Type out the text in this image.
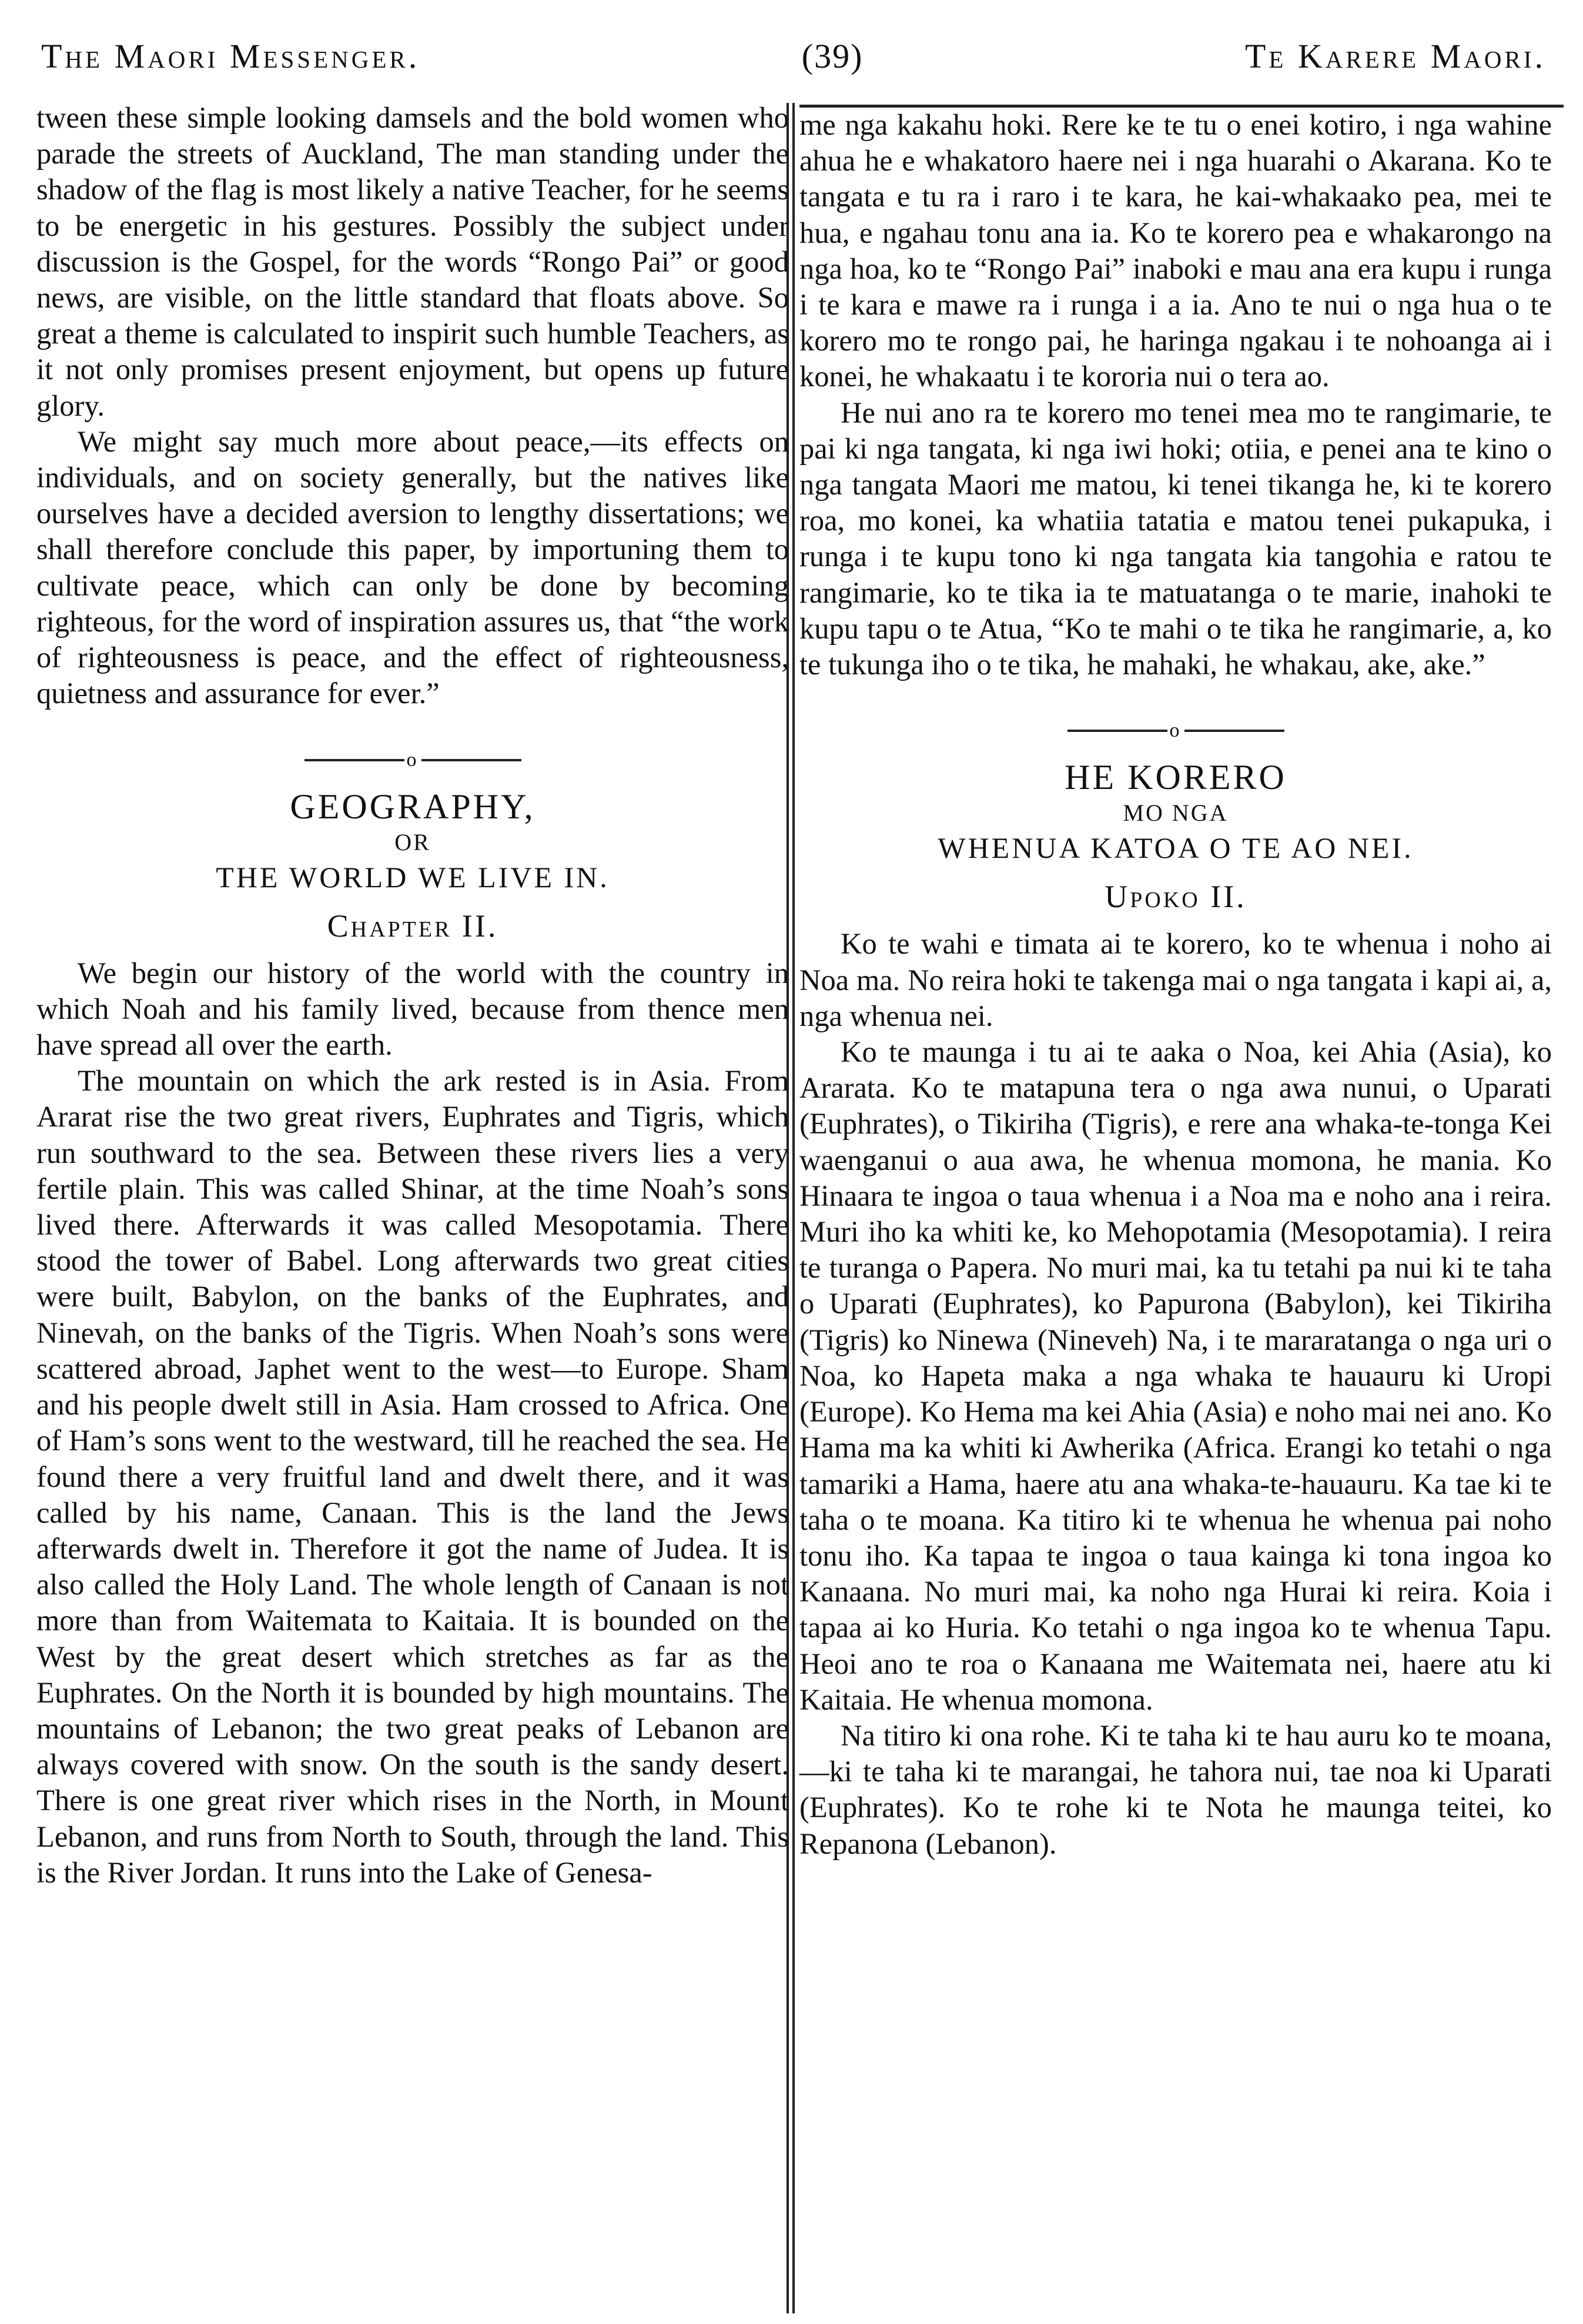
The Maori Messenger.	(39)	Te Karere Maori.

tween these simple looking damsels and the bold women who parade the streets of Auckland, The man standing under the shadow of the flag is most likely a native Teacher, for he seems to be energetic in his gestures. Possibly the subject under discussion is the Gospel, for the words “Rongo Pai” or good news, are visible, on the little standard that floats above. So great a theme is calculated to inspirit such humble Teachers, as it not only promises present enjoyment, but opens up future glory.

We might say much more about peace,—its effects on individuals, and on society generally, but the natives like ourselves have a decided aversion to lengthy dissertations; we shall therefore conclude this paper, by importuning them to cultivate peace, which can only be done by becoming righteous, for the word of inspiration assures us, that “the work of righteousness is peace, and the effect of righteousness, quietness and assurance for ever.”

o
GEOGRAPHY,
OR
THE WORLD WE LIVE IN.
Chapter II.

We begin our history of the world with the country in which Noah and his family lived, because from thence men have spread all over the earth.

The mountain on which the ark rested is in Asia. From Ararat rise the two great rivers, Euphrates and Tigris, which run southward to the sea. Between these rivers lies a very fertile plain. This was called Shinar, at the time Noah’s sons lived there. Afterwards it was called Mesopotamia. There stood the tower of Babel. Long afterwards two great cities were built, Babylon, on the banks of the Euphrates, and Ninevah, on the banks of the Tigris. When Noah’s sons were scattered abroad, Japhet went to the west—to Europe. Sham and his people dwelt still in Asia. Ham crossed to Africa. One of Ham’s sons went to the westward, till he reached the sea. He found there a very fruitful land and dwelt there, and it was called by his name, Canaan. This is the land the Jews afterwards dwelt in. Therefore it got the name of Judea. It is also called the Holy Land. The whole length of Canaan is not more than from Waitemata to Kaitaia. It is bounded on the West by the great desert which stretches as far as the Euphrates. On the North it is bounded by high mountains. The mountains of Lebanon; the two great peaks of Lebanon are always covered with snow. On the south is the sandy desert. There is one great river which rises in the North, in Mount Lebanon, and runs from North to South, through the land. This is the River Jordan. It runs into the Lake of Genesa-

me nga kakahu hoki. Rere ke te tu o enei kotiro, i nga wahine ahua he e whakatoro haere nei i nga huarahi o Akarana. Ko te tangata e tu ra i raro i te kara, he kai-whakaako pea, mei te hua, e ngahau tonu ana ia. Ko te korero pea e whakarongo na nga hoa, ko te “Rongo Pai” inaboki e mau ana era kupu i runga i te kara e mawe ra i runga i a ia. Ano te nui o nga hua o te korero mo te rongo pai, he haringa ngakau i te nohoanga ai i konei, he whakaatu i te kororia nui o tera ao.

He nui ano ra te korero mo tenei mea mo te rangimarie, te pai ki nga tangata, ki nga iwi hoki; otiia, e penei ana te kino o nga tangata Maori me matou, ki tenei tikanga he, ki te korero roa, mo konei, ka whatiia tatatia e matou tenei pukapuka, i runga i te kupu tono ki nga tangata kia tangohia e ratou te rangimarie, ko te tika ia te matuatanga o te marie, inahoki te kupu tapu o te Atua, “Ko te mahi o te tika he rangimarie, a, ko te tukunga iho o te tika, he mahaki, he whakau, ake, ake.”

o
HE KORERO
MO NGA
WHENUA KATOA O TE AO NEI.
Upoko II.

Ko te wahi e timata ai te korero, ko te whenua i noho ai Noa ma. No reira hoki te takenga mai o nga tangata i kapi ai, a, nga whenua nei.

Ko te maunga i tu ai te aaka o Noa, kei Ahia (Asia), ko Ararata. Ko te matapuna tera o nga awa nunui, o Uparati (Euphrates), o Tikiriha (Tigris), e rere ana whaka-te-tonga Kei waenganui o aua awa, he whenua momona, he mania. Ko Hinaara te ingoa o taua whenua i a Noa ma e noho ana i reira. Muri iho ka whiti ke, ko Mehopotamia (Mesopotamia). I reira te turanga o Papera. No muri mai, ka tu tetahi pa nui ki te taha o Uparati (Euphrates), ko Papurona (Babylon), kei Tikiriha (Tigris) ko Ninewa (Nineveh) Na, i te mararatanga o nga uri o Noa, ko Hapeta maka a nga whaka te hauauru ki Uropi (Europe). Ko Hema ma kei Ahia (Asia) e noho mai nei ano. Ko Hama ma ka whiti ki Awherika (Africa. Erangi ko tetahi o nga tamariki a Hama, haere atu ana whaka-te-hauauru. Ka tae ki te taha o te moana. Ka titiro ki te whenua he whenua pai noho tonu iho. Ka tapaa te ingoa o taua kainga ki tona ingoa ko Kanaana. No muri mai, ka noho nga Hurai ki reira. Koia i tapaa ai ko Huria. Ko tetahi o nga ingoa ko te whenua Tapu. Heoi ano te roa o Kanaana me Waitemata nei, haere atu ki Kaitaia. He whenua momona.

Na titiro ki ona rohe. Ki te taha ki te hau auru ko te moana,—ki te taha ki te marangai, he tahora nui, tae noa ki Uparati (Euphrates). Ko te rohe ki te Nota he maunga teitei, ko Repanona (Lebanon).
